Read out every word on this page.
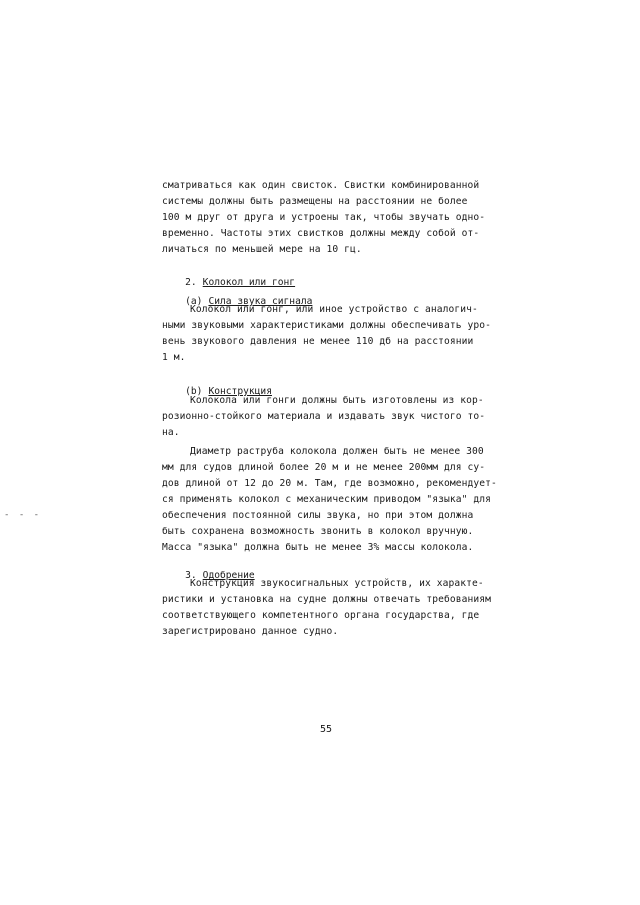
сматриваться как один свисток. Свистки комбинированной
системы должны быть размещены на расстоянии не более
100 м друг от друга и устроены так, чтобы звучать одно-
временно. Частоты этих свистков должны между собой от-
личаться по меньшей мере на 10 гц.

2. Колокол или гонг

(a) Сила звука сигнала

Колокол или гонг, или иное устройство с аналогич-
ными звуковыми характеристиками должны обеспечивать уро-
вень звукового давления не менее 110 дб на расстоянии
1 м.

(b) Конструкция

Колокола или гонги должны быть изготовлены из кор-
розионно-стойкого материала и издавать звук чистого то-
на.
Диаметр раструба колокола должен быть не менее 300
мм для судов длиной более 20 м и не менее 200мм для су-
дов длиной от 12 до 20 м. Там, где возможно, рекомендует-
ся применять колокол с механическим приводом "языка" для
обеспечения постоянной силы звука, но при этом должна
быть сохранена возможность звонить в колокол вручную.
Масса "языка" должна быть не менее 3% массы колокола.

3. Одобрение

Конструкция звукосигнальных устройств, их характе-
ристики и установка на судне должны отвечать требованиям
соответствующего компетентного органа государства, где
зарегистрировано данное судно.
- - -
55
